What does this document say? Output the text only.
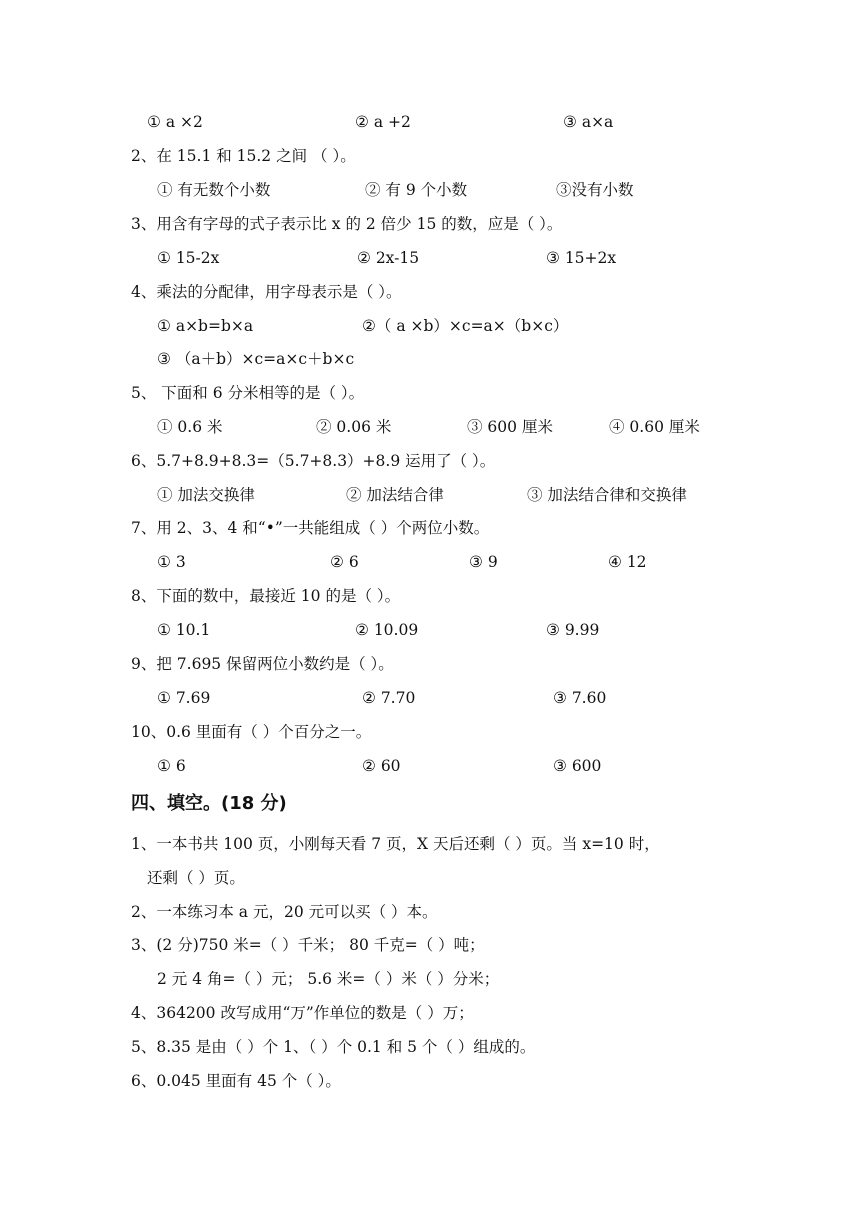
① a ×2	② a +2	③ a×a
2、在 15.1 和 15.2 之间 （ ）。
① 有无数个小数	② 有 9 个小数	③没有小数
3、用含有字母的式子表示比 x 的 2 倍少 15 的数，应是（ ）。
① 15-2x	② 2x-15	③ 15+2x
4、乘法的分配律，用字母表示是（ ）。
① a×b=b×a	②（ a ×b）×c=a×（b×c）
③ （a＋b）×c=a×c＋b×c
5、 下面和 6 分米相等的是（ ）。
① 0.6 米	② 0.06 米	③ 600 厘米	④ 0.60 厘米
6、5.7+8.9+8.3=（5.7+8.3）+8.9 运用了（ ）。
① 加法交换律	② 加法结合律	③ 加法结合律和交换律
7、用 2、3、4 和“•”一共能组成（ ）个两位小数。
① 3	② 6	③ 9	④ 12
8、下面的数中，最接近 10 的是（ ）。
① 10.1	② 10.09	③ 9.99
9、把 7.695 保留两位小数约是（ ）。
① 7.69	② 7.70	③ 7.60
10、0.6 里面有（ ）个百分之一。
① 6	② 60	③ 600
四、填空。(18 分)
1、一本书共 100 页，小刚每天看 7 页，X 天后还剩（ ）页。当 x=10 时，
还剩（ ）页。
2、一本练习本 a 元，20 元可以买（ ）本。
3、(2 分)750 米=（ ）千米； 80 千克=（ ）吨；
2 元 4 角=（ ）元； 5.6 米=（ ）米（ ）分米；
4、364200 改写成用“万”作单位的数是（ ）万；
5、8.35 是由（ ）个 1、（ ）个 0.1 和 5 个（ ）组成的。
6、0.045 里面有 45 个（ ）。
